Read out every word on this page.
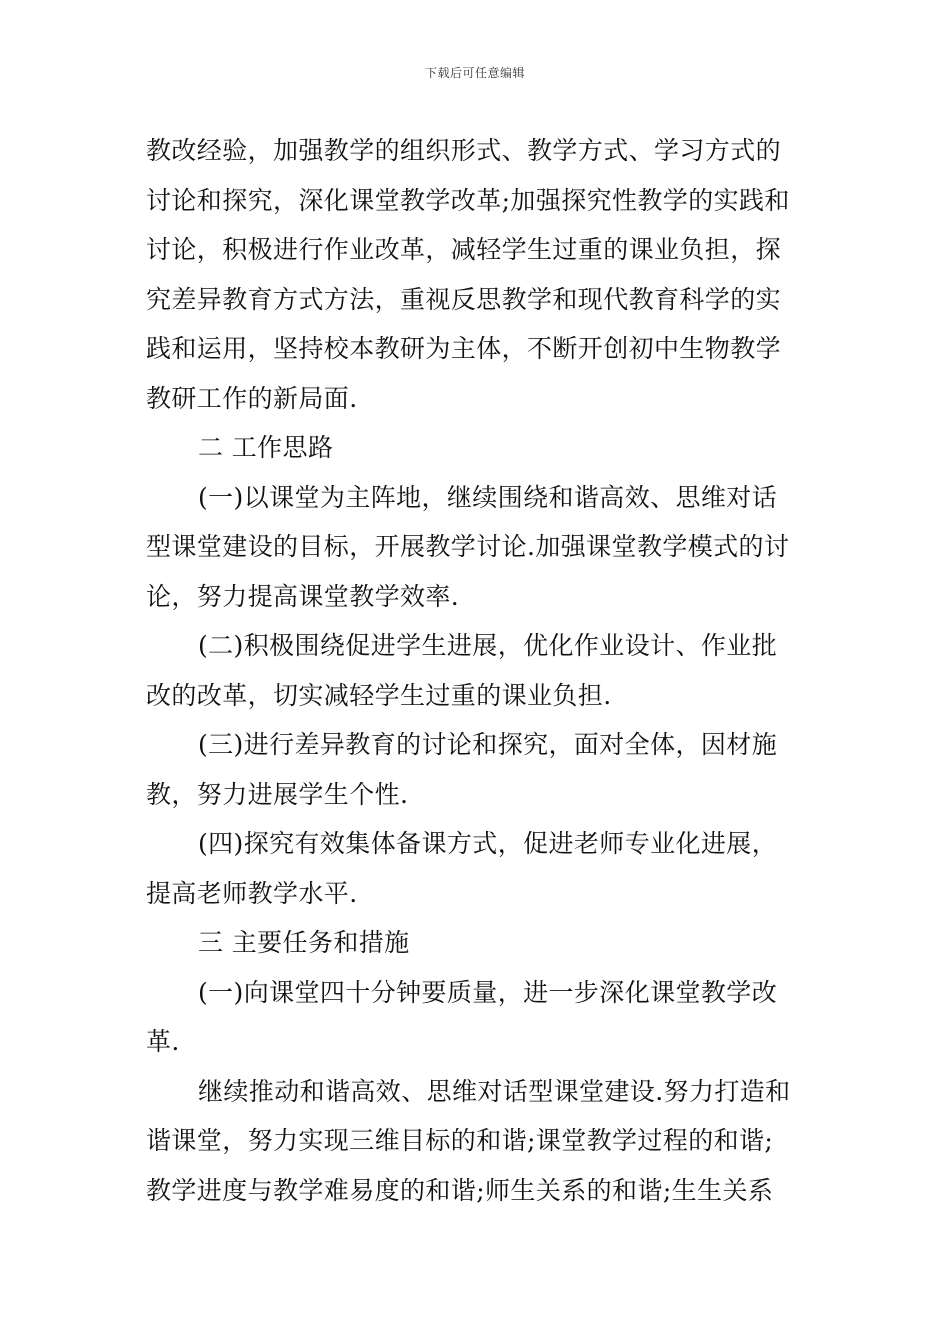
下载后可任意编辑
教改经验，加强教学的组织形式、教学方式、学习方式的
讨论和探究，深化课堂教学改革;加强探究性教学的实践和
讨论，积极进行作业改革，减轻学生过重的课业负担，探
究差异教育方式方法，重视反思教学和现代教育科学的实
践和运用，坚持校本教研为主体，不断开创初中生物教学
教研工作的新局面.
二 工作思路
(一)以课堂为主阵地，继续围绕和谐高效、思维对话
型课堂建设的目标，开展教学讨论.加强课堂教学模式的讨
论，努力提高课堂教学效率.
(二)积极围绕促进学生进展，优化作业设计、作业批
改的改革，切实减轻学生过重的课业负担.
(三)进行差异教育的讨论和探究，面对全体，因材施
教，努力进展学生个性.
(四)探究有效集体备课方式，促进老师专业化进展，
提高老师教学水平.
三 主要任务和措施
(一)向课堂四十分钟要质量，进一步深化课堂教学改
革.
继续推动和谐高效、思维对话型课堂建设.努力打造和
谐课堂，努力实现三维目标的和谐;课堂教学过程的和谐;
教学进度与教学难易度的和谐;师生关系的和谐;生生关系
